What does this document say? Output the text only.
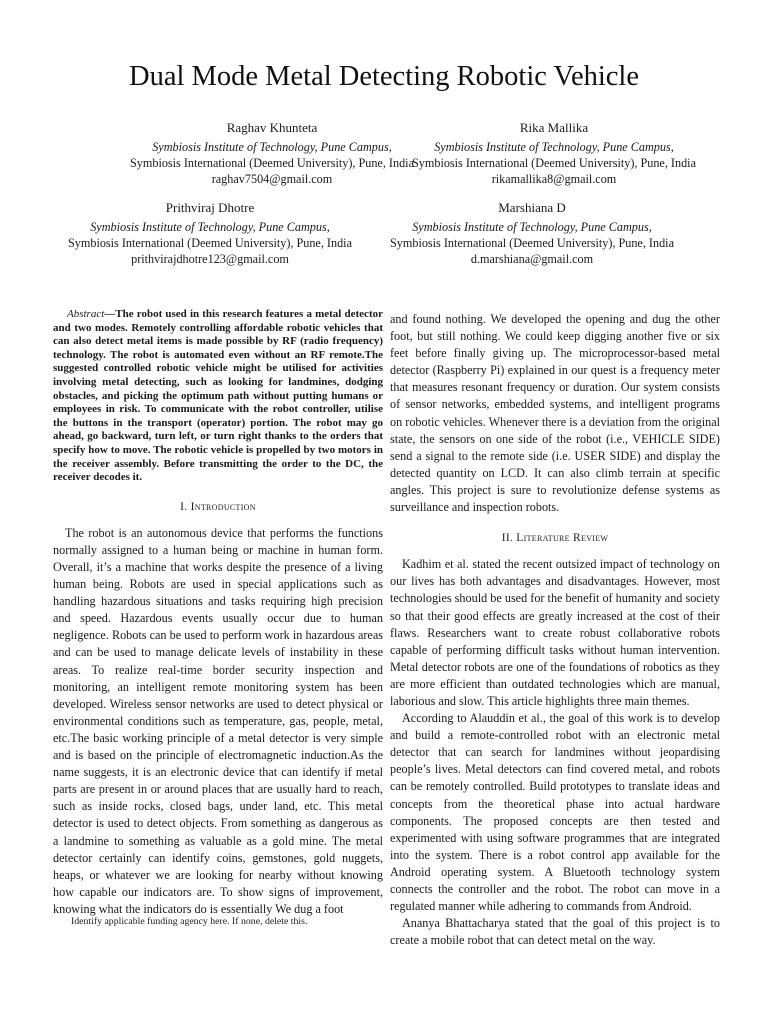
Dual Mode Metal Detecting Robotic Vehicle
Raghav Khunteta
Symbiosis Institute of Technology, Pune Campus,
Symbiosis International (Deemed University), Pune, India
raghav7504@gmail.com
Rika Mallika
Symbiosis Institute of Technology, Pune Campus,
Symbiosis International (Deemed University), Pune, India
rikamallika8@gmail.com
Prithviraj Dhotre
Symbiosis Institute of Technology, Pune Campus,
Symbiosis International (Deemed University), Pune, India
prithvirajdhotre123@gmail.com
Marshiana D
Symbiosis Institute of Technology, Pune Campus,
Symbiosis International (Deemed University), Pune, India
d.marshiana@gmail.com

Abstract—The robot used in this research features a metal detector and two modes. Remotely controlling affordable robotic vehicles that can also detect metal items is made possible by RF (radio frequency) technology. The robot is automated even without an RF remote.The suggested controlled robotic vehicle might be utilised for activities involving metal detecting, such as looking for landmines, dodging obstacles, and picking the optimum path without putting humans or employees in risk. To communicate with the robot controller, utilise the buttons in the transport (operator) portion. The robot may go ahead, go backward, turn left, or turn right thanks to the orders that specify how to move. The robotic vehicle is propelled by two motors in the receiver assembly. Before transmitting the order to the DC, the receiver decodes it.

I. Introduction

The robot is an autonomous device that performs the functions normally assigned to a human being or machine in human form. Overall, it’s a machine that works despite the presence of a living human being. Robots are used in special applications such as handling hazardous situations and tasks requiring high precision and speed. Hazardous events usually occur due to human negligence. Robots can be used to perform work in hazardous areas and can be used to manage delicate levels of instability in these areas. To realize real-time border security inspection and monitoring, an intelligent remote monitoring system has been developed. Wireless sensor networks are used to detect physical or environmental conditions such as temperature, gas, people, metal, etc.The basic working principle of a metal detector is very simple and is based on the principle of electromagnetic induction.As the name suggests, it is an electronic device that can identify if metal parts are present in or around places that are usually hard to reach, such as inside rocks, closed bags, under land, etc. This metal detector is used to detect objects. From something as dangerous as a landmine to something as valuable as a gold mine. The metal detector certainly can identify coins, gemstones, gold nuggets, heaps, or whatever we are looking for nearby without knowing how capable our indicators are. To show signs of improvement, knowing what the indicators do is essentially We dug a foot

and found nothing. We developed the opening and dug the other foot, but still nothing. We could keep digging another five or six feet before finally giving up. The microprocessor-based metal detector (Raspberry Pi) explained in our quest is a frequency meter that measures resonant frequency or duration. Our system consists of sensor networks, embedded systems, and intelligent programs on robotic vehicles. Whenever there is a deviation from the original state, the sensors on one side of the robot (i.e., VEHICLE SIDE) send a signal to the remote side (i.e. USER SIDE) and display the detected quantity on LCD. It can also climb terrain at specific angles. This project is sure to revolutionize defense systems as surveillance and inspection robots.

II. Literature Review

Kadhim et al. stated the recent outsized impact of technology on our lives has both advantages and disadvantages. However, most technologies should be used for the benefit of humanity and society so that their good effects are greatly increased at the cost of their flaws. Researchers want to create robust collaborative robots capable of performing difficult tasks without human intervention. Metal detector robots are one of the foundations of robotics as they are more efficient than outdated technologies which are manual, laborious and slow. This article highlights three main themes.

According to Alauddin et al., the goal of this work is to develop and build a remote-controlled robot with an electronic metal detector that can search for landmines without jeopardising people’s lives. Metal detectors can find covered metal, and robots can be remotely controlled. Build prototypes to translate ideas and concepts from the theoretical phase into actual hardware components. The proposed concepts are then tested and experimented with using software programmes that are integrated into the system. There is a robot control app available for the Android operating system. A Bluetooth technology system connects the controller and the robot. The robot can move in a regulated manner while adhering to commands from Android.

Ananya Bhattacharya stated that the goal of this project is to create a mobile robot that can detect metal on the way.

Identify applicable funding agency here. If none, delete this.
